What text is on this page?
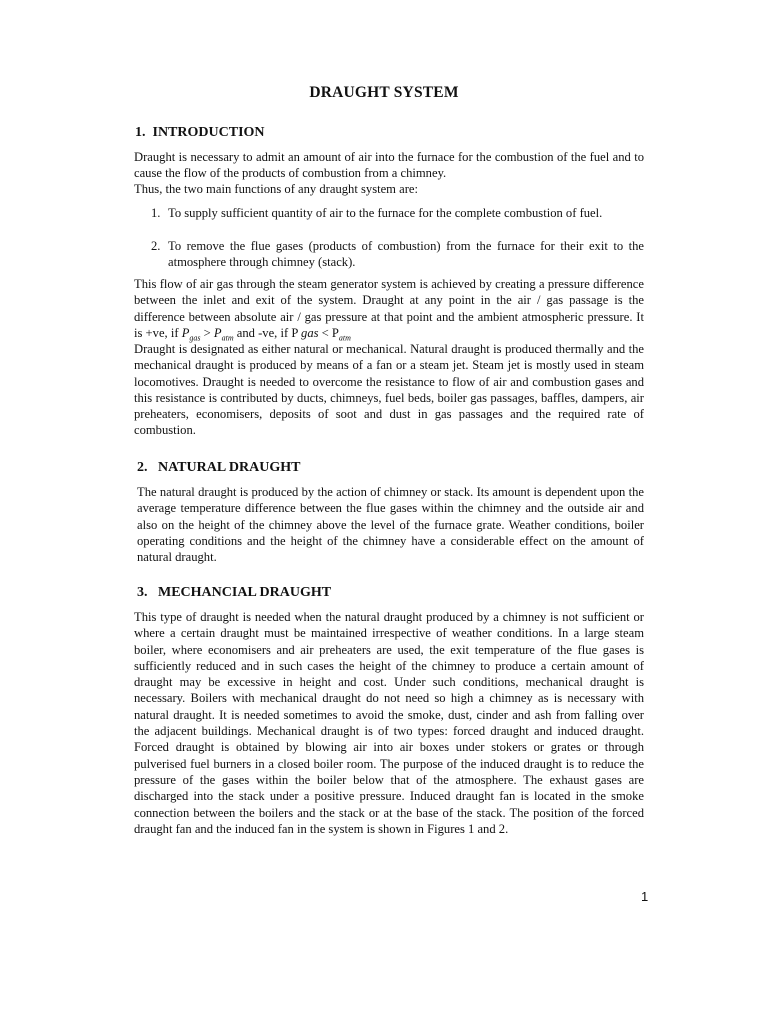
DRAUGHT SYSTEM
1. INTRODUCTION

Draught is necessary to admit an amount of air into the furnace for the combustion of the fuel and to cause the flow of the products of combustion from a chimney.

Thus, the two main functions of any draught system are:

1. To supply sufficient quantity of air to the furnace for the complete combustion of fuel.

2. To remove the flue gases (products of combustion) from the furnace for their exit to the atmosphere through chimney (stack).

This flow of air gas through the steam generator system is achieved by creating a pressure difference between the inlet and exit of the system. Draught at any point in the air / gas passage is the difference between absolute air / gas pressure at that point and the ambient atmospheric pressure. It is +ve, if $P_{gas} > P_{atm}$ and -ve, if P gas < $P_{atm}$

Draught is designated as either natural or mechanical. Natural draught is produced thermally and the mechanical draught is produced by means of a fan or a steam jet. Steam jet is mostly used in steam locomotives. Draught is needed to overcome the resistance to flow of air and combustion gases and this resistance is contributed by ducts, chimneys, fuel beds, boiler gas passages, baffles, dampers, air preheaters, economisers, deposits of soot and dust in gas passages and the required rate of combustion.

2. NATURAL DRAUGHT

The natural draught is produced by the action of chimney or stack. Its amount is dependent upon the average temperature difference between the flue gases within the chimney and the outside air and also on the height of the chimney above the level of the furnace grate. Weather conditions, boiler operating conditions and the height of the chimney have a considerable effect on the amount of natural draught.

3. MECHANCIAL DRAUGHT

This type of draught is needed when the natural draught produced by a chimney is not sufficient or where a certain draught must be maintained irrespective of weather conditions. In a large steam boiler, where economisers and air preheaters are used, the exit temperature of the flue gases is sufficiently reduced and in such cases the height of the chimney to produce a certain amount of draught may be excessive in height and cost. Under such conditions, mechanical draught is necessary. Boilers with mechanical draught do not need so high a chimney as is necessary with natural draught. It is needed sometimes to avoid the smoke, dust, cinder and ash from falling over the adjacent buildings. Mechanical draught is of two types: forced draught and induced draught. Forced draught is obtained by blowing air into air boxes under stokers or grates or through pulverised fuel burners in a closed boiler room. The purpose of the induced draught is to reduce the pressure of the gases within the boiler below that of the atmosphere. The exhaust gases are discharged into the stack under a positive pressure. Induced draught fan is located in the smoke connection between the boilers and the stack or at the base of the stack. The position of the forced draught fan and the induced fan in the system is shown in Figures 1 and 2.

1
